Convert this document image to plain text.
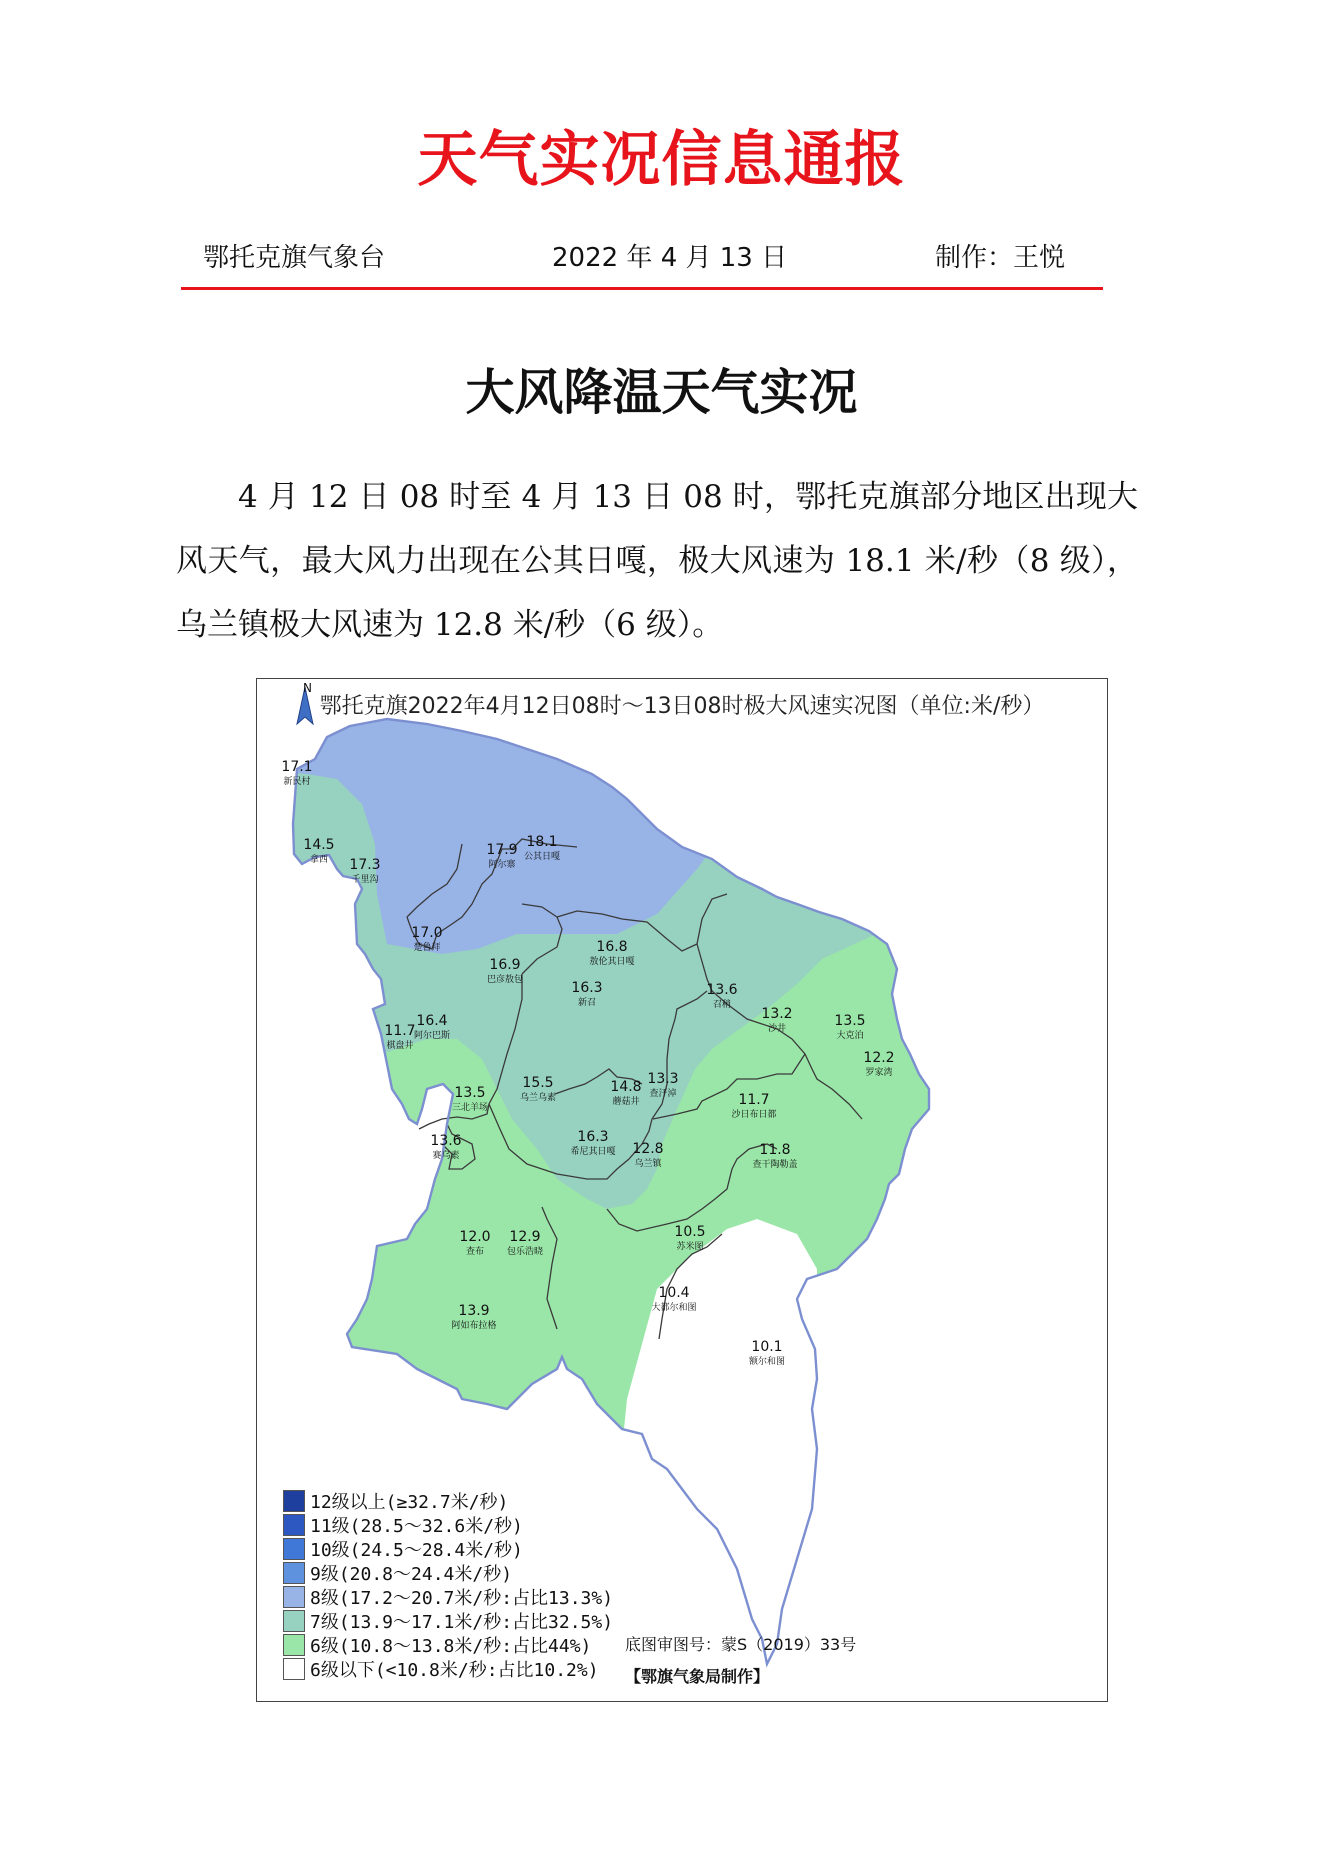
天气实况信息通报
鄂托克旗气象台	2022 年 4 月 13 日	制作：王悦
大风降温天气实况
4 月 12 日 08 时至 4 月 13 日 08 时，鄂托克旗部分地区出现大风天气，最大风力出现在公其日嘎，极大风速为 18.1 米/秒（8 级），乌兰镇极大风速为 12.8 米/秒（6 级）。
17.1
新民村
14.5
拿西 17.3
千里沟
17.9
阿尔寨
18.1
公其日嘎
17.0
楚鲁拜	16.8
敖伦其日嘎
16.9
巴彦敖包	16.3
新召
13.6
召稍
13.2
沙井	13.5
大克泊
12.2
罗家湾
11.7
棋盘井
16.4
阿尔巴斯
13.5
三北羊场
15.5
乌兰乌素
14.8
蘑菇井
13.3
查汗淖	11.7
沙日布日都
13.6
赛乌素
16.3
希尼其日嘎 12.8
乌兰镇
11.8
查干陶勒盖
10.5
苏米图
12.0
查布
12.9
包乐浩晓
10.4
大都尔和图
13.9
阿如布拉格
10.1
额尔和图
鄂托克旗2022年4月12日08时～13日08时极大风速实况图（单位:米/秒）
N
12级以上(≥32.7米/秒)
11级(28.5～32.6米/秒)
10级(24.5～28.4米/秒)
9级(20.8～24.4米/秒)
8级(17.2～20.7米/秒:占比13.3%)
7级(13.9～17.1米/秒:占比32.5%)
6级(10.8～13.8米/秒:占比44%)
6级以下(<10.8米/秒:占比10.2%)
底图审图号：蒙S（2019）33号
【鄂旗气象局制作】
